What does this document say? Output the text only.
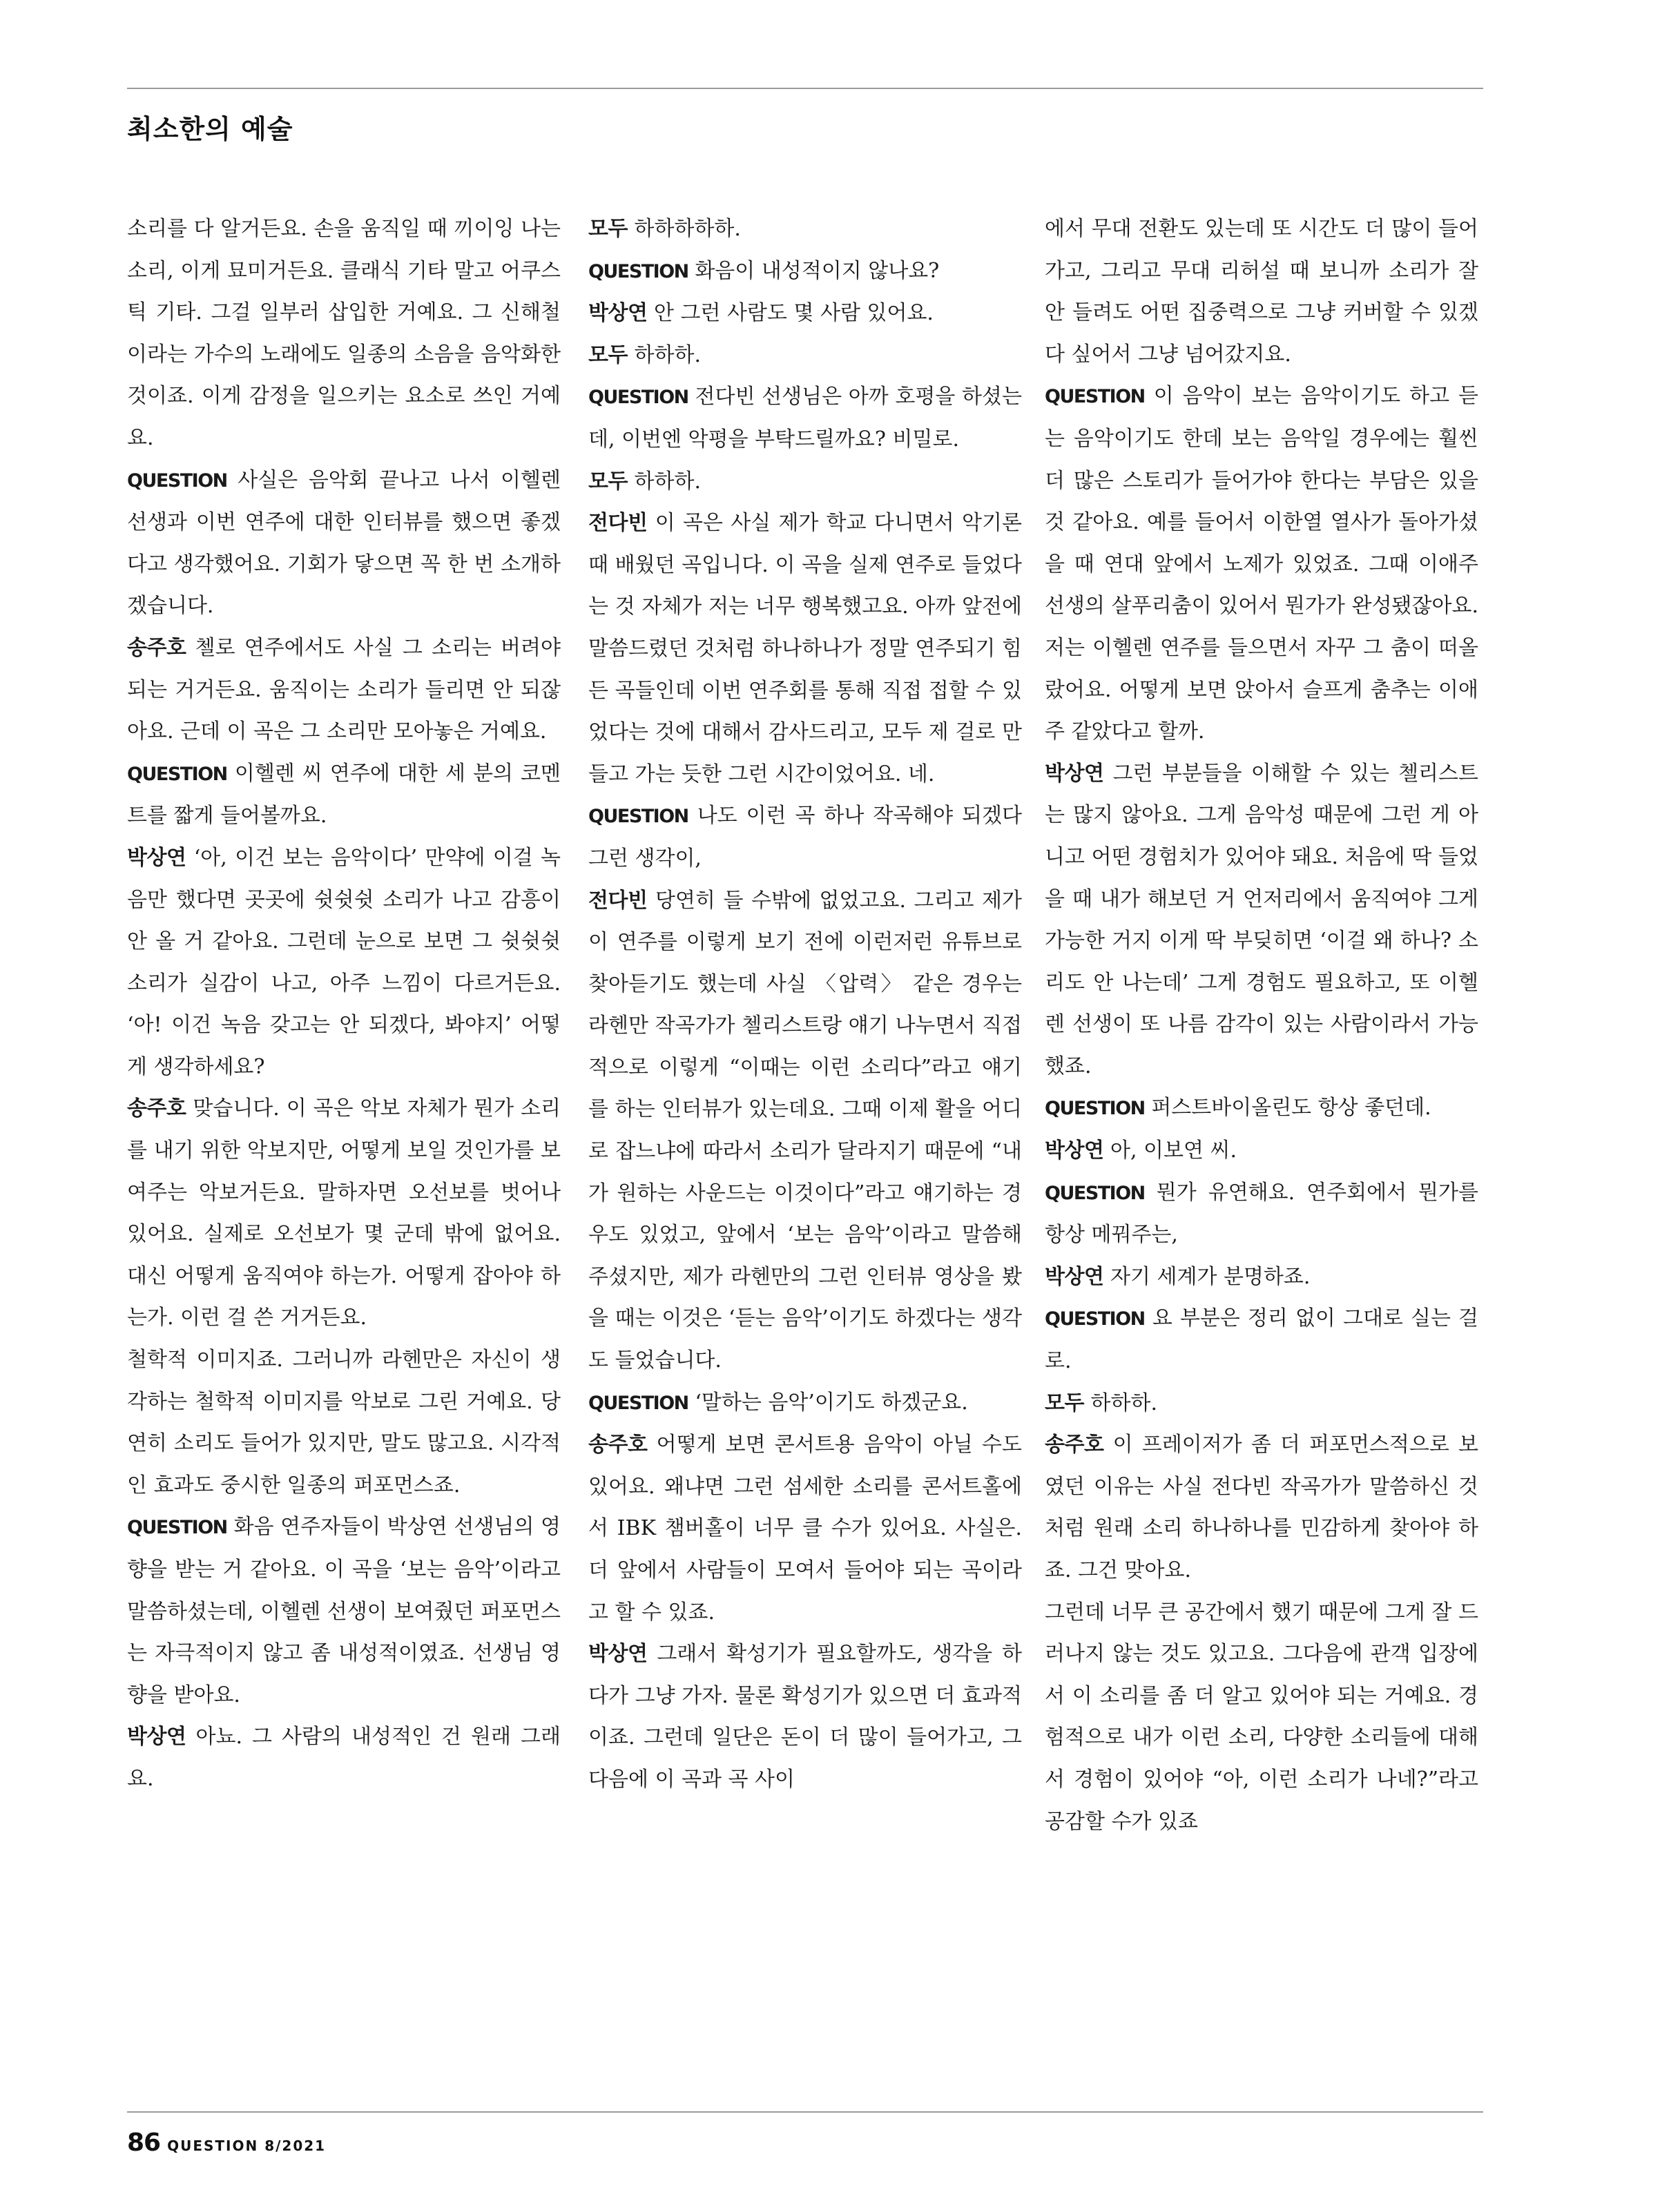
최소한의 예술

소리를 다 알거든요. 손을 움직일 때 끼이잉 나는 소리, 이게 묘미거든요. 클래식 기타 말고 어쿠스틱 기타. 그걸 일부러 삽입한 거예요. 그 신해철이라는 가수의 노래에도 일종의 소음을 음악화한 것이죠. 이게 감정을 일으키는 요소로 쓰인 거예요.

QUESTION 사실은 음악회 끝나고 나서 이헬렌 선생과 이번 연주에 대한 인터뷰를 했으면 좋겠다고 생각했어요. 기회가 닿으면 꼭 한 번 소개하겠습니다.

송주호 첼로 연주에서도 사실 그 소리는 버려야 되는 거거든요. 움직이는 소리가 들리면 안 되잖아요. 근데 이 곡은 그 소리만 모아놓은 거예요.

QUESTION 이헬렌 씨 연주에 대한 세 분의 코멘트를 짧게 들어볼까요.

박상연 ‘아, 이건 보는 음악이다’ 만약에 이걸 녹음만 했다면 곳곳에 쉿쉿쉿 소리가 나고 감흥이 안 올 거 같아요. 그런데 눈으로 보면 그 쉿쉿쉿 소리가 실감이 나고, 아주 느낌이 다르거든요. ‘아! 이건 녹음 갖고는 안 되겠다, 봐야지’ 어떻게 생각하세요?

송주호 맞습니다. 이 곡은 악보 자체가 뭔가 소리를 내기 위한 악보지만, 어떻게 보일 것인가를 보여주는 악보거든요. 말하자면 오선보를 벗어나 있어요. 실제로 오선보가 몇 군데 밖에 없어요. 대신 어떻게 움직여야 하는가. 어떻게 잡아야 하는가. 이런 걸 쓴 거거든요.

철학적 이미지죠. 그러니까 라헨만은 자신이 생각하는 철학적 이미지를 악보로 그린 거예요. 당연히 소리도 들어가 있지만, 말도 많고요. 시각적인 효과도 중시한 일종의 퍼포먼스죠.

QUESTION 화음 연주자들이 박상연 선생님의 영향을 받는 거 같아요. 이 곡을 ‘보는 음악’이라고 말씀하셨는데, 이헬렌 선생이 보여줬던 퍼포먼스는 자극적이지 않고 좀 내성적이였죠. 선생님 영향을 받아요.

박상연 아뇨. 그 사람의 내성적인 건 원래 그래요.

모두 하하하하하.

QUESTION 화음이 내성적이지 않나요?

박상연 안 그런 사람도 몇 사람 있어요.

모두 하하하.

QUESTION 전다빈 선생님은 아까 호평을 하셨는데, 이번엔 악평을 부탁드릴까요? 비밀로.

모두 하하하.

전다빈 이 곡은 사실 제가 학교 다니면서 악기론 때 배웠던 곡입니다. 이 곡을 실제 연주로 들었다는 것 자체가 저는 너무 행복했고요. 아까 앞전에 말씀드렸던 것처럼 하나하나가 정말 연주되기 힘든 곡들인데 이번 연주회를 통해 직접 접할 수 있었다는 것에 대해서 감사드리고, 모두 제 걸로 만들고 가는 듯한 그런 시간이었어요. 네.

QUESTION 나도 이런 곡 하나 작곡해야 되겠다 그런 생각이,

전다빈 당연히 들 수밖에 없었고요. 그리고 제가 이 연주를 이렇게 보기 전에 이런저런 유튜브로 찾아듣기도 했는데 사실 〈압력〉 같은 경우는 라헨만 작곡가가 첼리스트랑 얘기 나누면서 직접적으로 이렇게 “이때는 이런 소리다”라고 얘기를 하는 인터뷰가 있는데요. 그때 이제 활을 어디로 잡느냐에 따라서 소리가 달라지기 때문에 “내가 원하는 사운드는 이것이다”라고 얘기하는 경우도 있었고, 앞에서 ‘보는 음악’이라고 말씀해 주셨지만, 제가 라헨만의 그런 인터뷰 영상을 봤을 때는 이것은 ‘듣는 음악’이기도 하겠다는 생각도 들었습니다.

QUESTION ‘말하는 음악’이기도 하겠군요.

송주호 어떻게 보면 콘서트용 음악이 아닐 수도 있어요. 왜냐면 그런 섬세한 소리를 콘서트홀에서 IBK 챔버홀이 너무 클 수가 있어요. 사실은. 더 앞에서 사람들이 모여서 들어야 되는 곡이라고 할 수 있죠.

박상연 그래서 확성기가 필요할까도, 생각을 하다가 그냥 가자. 물론 확성기가 있으면 더 효과적이죠. 그런데 일단은 돈이 더 많이 들어가고, 그다음에 이 곡과 곡 사이

에서 무대 전환도 있는데 또 시간도 더 많이 들어가고, 그리고 무대 리허설 때 보니까 소리가 잘 안 들려도 어떤 집중력으로 그냥 커버할 수 있겠다 싶어서 그냥 넘어갔지요.

QUESTION 이 음악이 보는 음악이기도 하고 듣는 음악이기도 한데 보는 음악일 경우에는 훨씬 더 많은 스토리가 들어가야 한다는 부담은 있을 것 같아요. 예를 들어서 이한열 열사가 돌아가셨을 때 연대 앞에서 노제가 있었죠. 그때 이애주 선생의 살푸리춤이 있어서 뭔가가 완성됐잖아요. 저는 이헬렌 연주를 들으면서 자꾸 그 춤이 떠올랐어요. 어떻게 보면 앉아서 슬프게 춤추는 이애주 같았다고 할까.

박상연 그런 부분들을 이해할 수 있는 첼리스트는 많지 않아요. 그게 음악성 때문에 그런 게 아니고 어떤 경험치가 있어야 돼요. 처음에 딱 들었을 때 내가 해보던 거 언저리에서 움직여야 그게 가능한 거지 이게 딱 부딪히면 ‘이걸 왜 하나? 소리도 안 나는데’ 그게 경험도 필요하고, 또 이헬렌 선생이 또 나름 감각이 있는 사람이라서 가능했죠.

QUESTION 퍼스트바이올린도 항상 좋던데.

박상연 아, 이보연 씨.

QUESTION 뭔가 유연해요. 연주회에서 뭔가를 항상 메꿔주는,

박상연 자기 세계가 분명하죠.

QUESTION 요 부분은 정리 없이 그대로 실는 걸로.

모두 하하하.

송주호 이 프레이저가 좀 더 퍼포먼스적으로 보였던 이유는 사실 전다빈 작곡가가 말씀하신 것처럼 원래 소리 하나하나를 민감하게 찾아야 하죠. 그건 맞아요.

그런데 너무 큰 공간에서 했기 때문에 그게 잘 드러나지 않는 것도 있고요. 그다음에 관객 입장에서 이 소리를 좀 더 알고 있어야 되는 거예요. 경험적으로 내가 이런 소리, 다양한 소리들에 대해서 경험이 있어야 “아, 이런 소리가 나네?”라고 공감할 수가 있죠

86 QUESTION 8/2021
